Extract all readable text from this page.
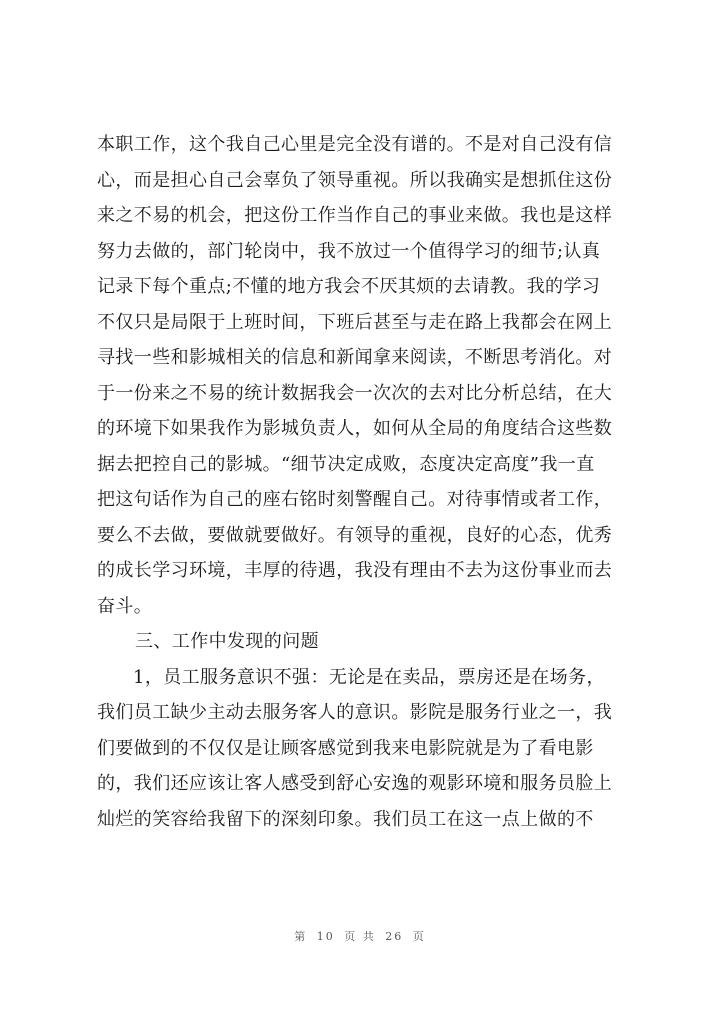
本职工作，这个我自己心里是完全没有谱的。不是对自己没有信
心，而是担心自己会辜负了领导重视。所以我确实是想抓住这份
来之不易的机会，把这份工作当作自己的事业来做。我也是这样
努力去做的，部门轮岗中，我不放过一个值得学习的细节;认真
记录下每个重点;不懂的地方我会不厌其烦的去请教。我的学习
不仅只是局限于上班时间，下班后甚至与走在路上我都会在网上
寻找一些和影城相关的信息和新闻拿来阅读，不断思考消化。对
于一份来之不易的统计数据我会一次次的去对比分析总结，在大
的环境下如果我作为影城负责人，如何从全局的角度结合这些数
据去把控自己的影城。“细节决定成败，态度决定高度”我一直
把这句话作为自己的座右铭时刻警醒自己。对待事情或者工作，
要么不去做，要做就要做好。有领导的重视，良好的心态，优秀
的成长学习环境，丰厚的待遇，我没有理由不去为这份事业而去
奋斗。
三、工作中发现的问题
1，员工服务意识不强：无论是在卖品，票房还是在场务，
我们员工缺少主动去服务客人的意识。影院是服务行业之一，我
们要做到的不仅仅是让顾客感觉到我来电影院就是为了看电影
的，我们还应该让客人感受到舒心安逸的观影环境和服务员脸上
灿烂的笑容给我留下的深刻印象。我们员工在这一点上做的不
第 10 页 共 26 页
